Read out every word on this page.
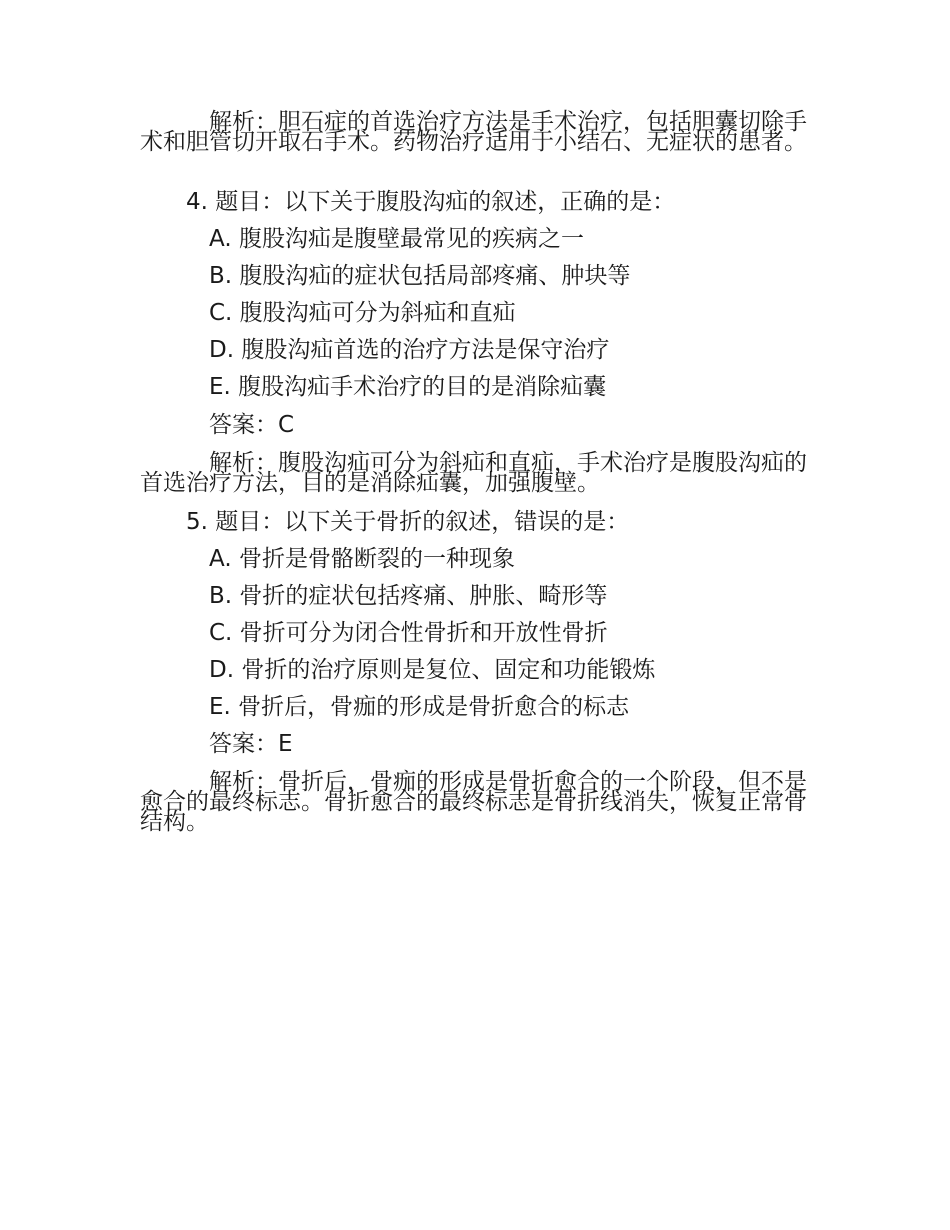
解析：胆石症的首选治疗方法是手术治疗，包括胆囊切除手术和胆管切开取石手术。药物治疗适用于小结石、无症状的患者。
4. 题目：以下关于腹股沟疝的叙述，正确的是：
A. 腹股沟疝是腹壁最常见的疾病之一
B. 腹股沟疝的症状包括局部疼痛、肿块等
C. 腹股沟疝可分为斜疝和直疝
D. 腹股沟疝首选的治疗方法是保守治疗
E. 腹股沟疝手术治疗的目的是消除疝囊
答案：C
解析：腹股沟疝可分为斜疝和直疝，手术治疗是腹股沟疝的首选治疗方法，目的是消除疝囊，加强腹壁。
5. 题目：以下关于骨折的叙述，错误的是：
A. 骨折是骨骼断裂的一种现象
B. 骨折的症状包括疼痛、肿胀、畸形等
C. 骨折可分为闭合性骨折和开放性骨折
D. 骨折的治疗原则是复位、固定和功能锻炼
E. 骨折后，骨痂的形成是骨折愈合的标志
答案：E
解析：骨折后，骨痂的形成是骨折愈合的一个阶段，但不是愈合的最终标志。骨折愈合的最终标志是骨折线消失，恢复正常骨结构。
